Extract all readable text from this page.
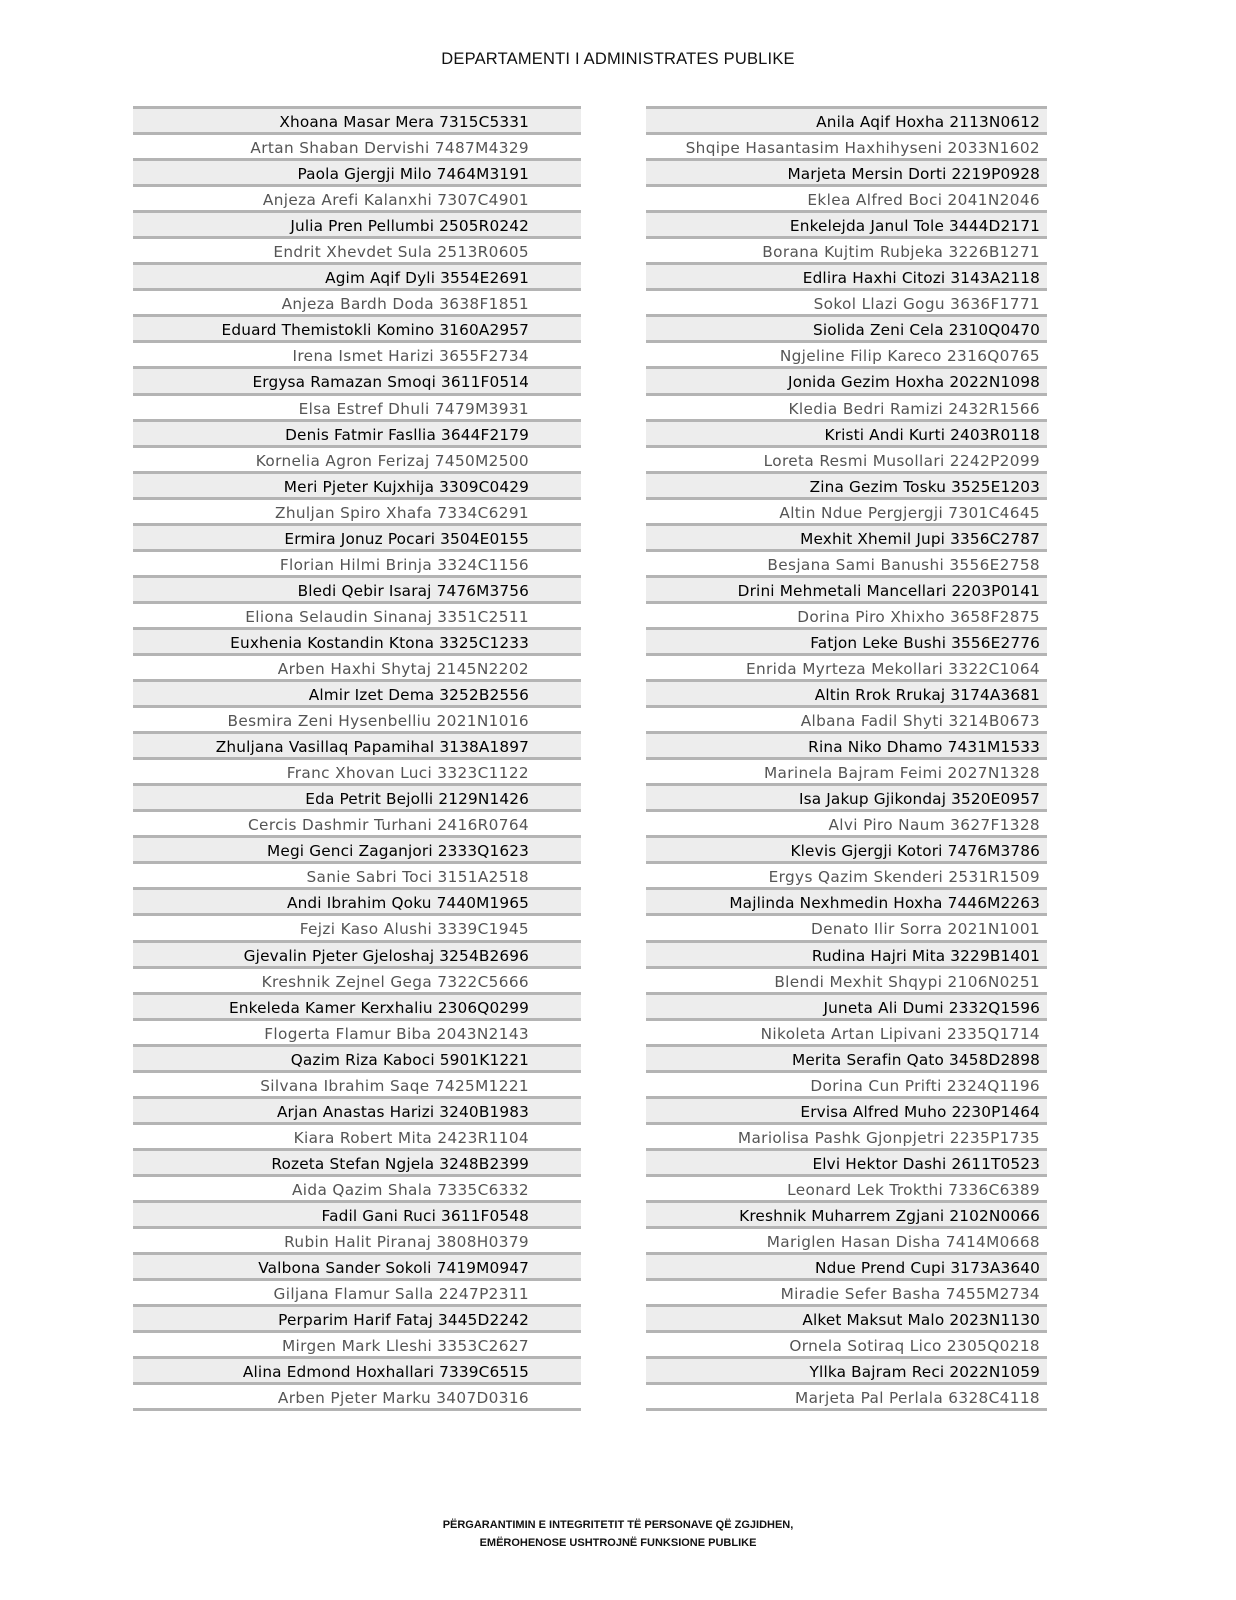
DEPARTAMENTI I ADMINISTRATES PUBLIKE
Xhoana Masar Mera 7315C5331
Artan Shaban Dervishi 7487M4329
Paola Gjergji Milo 7464M3191
Anjeza Arefi Kalanxhi 7307C4901
Julia Pren Pellumbi 2505R0242
Endrit Xhevdet Sula 2513R0605
Agim Aqif Dyli 3554E2691
Anjeza Bardh Doda 3638F1851
Eduard Themistokli Komino 3160A2957
Irena Ismet Harizi 3655F2734
Ergysa Ramazan Smoqi 3611F0514
Elsa Estref Dhuli 7479M3931
Denis Fatmir Fasllia 3644F2179
Kornelia Agron Ferizaj 7450M2500
Meri Pjeter Kujxhija 3309C0429
Zhuljan Spiro Xhafa 7334C6291
Ermira Jonuz Pocari 3504E0155
Florian Hilmi Brinja 3324C1156
Bledi Qebir Isaraj 7476M3756
Eliona Selaudin Sinanaj 3351C2511
Euxhenia Kostandin Ktona 3325C1233
Arben Haxhi Shytaj 2145N2202
Almir Izet Dema 3252B2556
Besmira Zeni Hysenbelliu 2021N1016
Zhuljana Vasillaq Papamihal 3138A1897
Franc Xhovan Luci 3323C1122
Eda Petrit Bejolli 2129N1426
Cercis Dashmir Turhani 2416R0764
Megi Genci Zaganjori 2333Q1623
Sanie Sabri Toci 3151A2518
Andi Ibrahim Qoku 7440M1965
Fejzi Kaso Alushi 3339C1945
Gjevalin Pjeter Gjeloshaj 3254B2696
Kreshnik Zejnel Gega 7322C5666
Enkeleda Kamer Kerxhaliu 2306Q0299
Flogerta Flamur Biba 2043N2143
Qazim Riza Kaboci 5901K1221
Silvana Ibrahim Saqe 7425M1221
Arjan Anastas Harizi 3240B1983
Kiara Robert Mita 2423R1104
Rozeta Stefan Ngjela 3248B2399
Aida Qazim Shala 7335C6332
Fadil Gani Ruci 3611F0548
Rubin Halit Piranaj 3808H0379
Valbona Sander Sokoli 7419M0947
Giljana Flamur Salla 2247P2311
Perparim Harif Fataj 3445D2242
Mirgen Mark Lleshi 3353C2627
Alina Edmond Hoxhallari 7339C6515
Arben Pjeter Marku 3407D0316
Anila Aqif Hoxha 2113N0612
Shqipe Hasantasim Haxhihyseni 2033N1602
Marjeta Mersin Dorti 2219P0928
Eklea Alfred Boci 2041N2046
Enkelejda Janul Tole 3444D2171
Borana Kujtim Rubjeka 3226B1271
Edlira Haxhi Citozi 3143A2118
Sokol Llazi Gogu 3636F1771
Siolida Zeni Cela 2310Q0470
Ngjeline Filip Kareco 2316Q0765
Jonida Gezim Hoxha 2022N1098
Kledia Bedri Ramizi 2432R1566
Kristi Andi Kurti 2403R0118
Loreta Resmi Musollari 2242P2099
Zina Gezim Tosku 3525E1203
Altin Ndue Pergjergji 7301C4645
Mexhit Xhemil Jupi 3356C2787
Besjana Sami Banushi 3556E2758
Drini Mehmetali Mancellari 2203P0141
Dorina Piro Xhixho 3658F2875
Fatjon Leke Bushi 3556E2776
Enrida Myrteza Mekollari 3322C1064
Altin Rrok Rrukaj 3174A3681
Albana Fadil Shyti 3214B0673
Rina Niko Dhamo 7431M1533
Marinela Bajram Feimi 2027N1328
Isa Jakup Gjikondaj 3520E0957
Alvi Piro Naum 3627F1328
Klevis Gjergji Kotori 7476M3786
Ergys Qazim Skenderi 2531R1509
Majlinda Nexhmedin Hoxha 7446M2263
Denato Ilir Sorra 2021N1001
Rudina Hajri Mita 3229B1401
Blendi Mexhit Shqypi 2106N0251
Juneta Ali Dumi 2332Q1596
Nikoleta Artan Lipivani 2335Q1714
Merita Serafin Qato 3458D2898
Dorina Cun Prifti 2324Q1196
Ervisa Alfred Muho 2230P1464
Mariolisa Pashk Gjonpjetri 2235P1735
Elvi Hektor Dashi 2611T0523
Leonard Lek Trokthi 7336C6389
Kreshnik Muharrem Zgjani 2102N0066
Mariglen Hasan Disha 7414M0668
Ndue Prend Cupi 3173A3640
Miradie Sefer Basha 7455M2734
Alket Maksut Malo 2023N1130
Ornela Sotiraq Lico 2305Q0218
Yllka Bajram Reci 2022N1059
Marjeta Pal Perlala 6328C4118
PËRGARANTIMIN E INTEGRITETIT TË PERSONAVE QË ZGJIDHEN,
EMËROHENOSE USHTROJNË FUNKSIONE PUBLIKE
